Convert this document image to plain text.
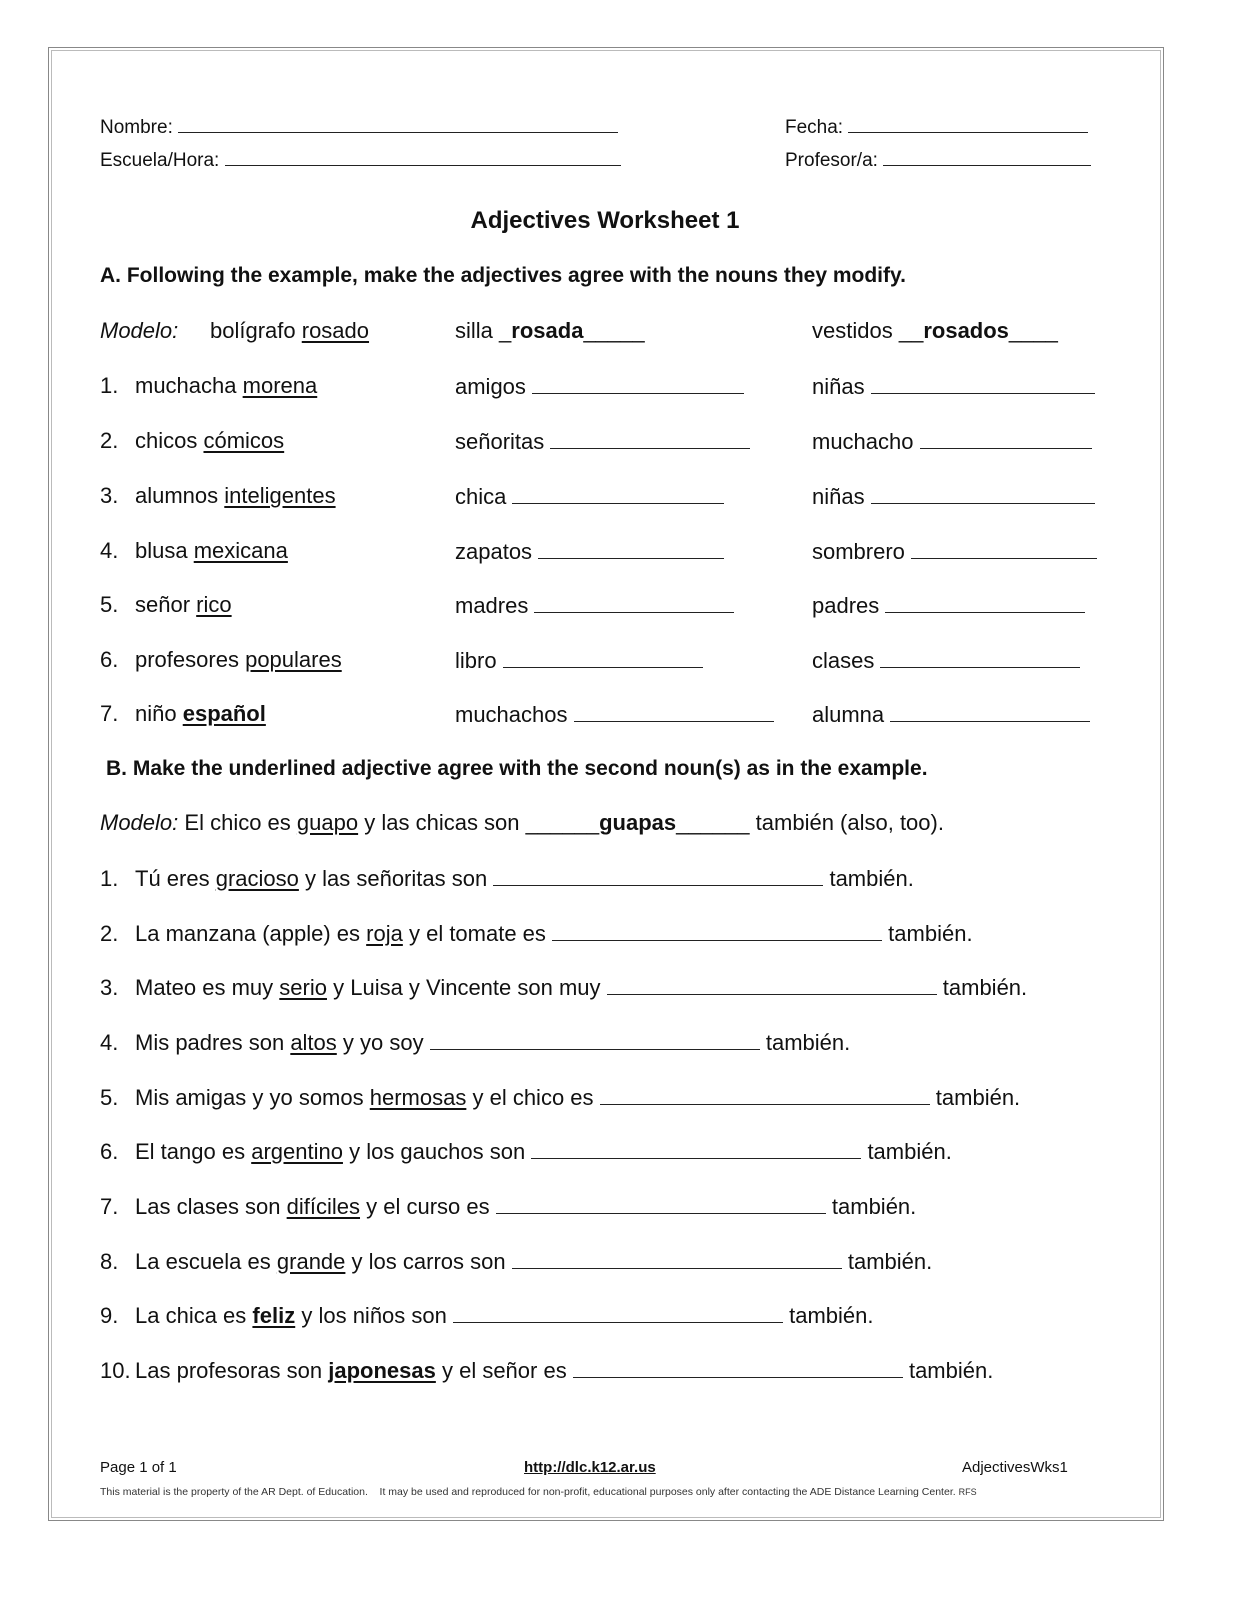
Nombre:	Fecha:
Escuela/Hora:	Profesor/a:
Adjectives Worksheet 1
A. Following the example, make the adjectives agree with the nouns they modify.
Modelo: bolígrafo rosado	silla _rosada_____	vestidos __rosados____
1. muchacha morena	amigos	niñas
2. chicos cómicos	señoritas	muchacho
3. alumnos inteligentes	chica	niñas
4. blusa mexicana	zapatos	sombrero
5. señor rico	madres	padres
6. profesores populares	libro	clases
7. niño español	muchachos	alumna
B. Make the underlined adjective agree with the second noun(s) as in the example.
Modelo: El chico es guapo y las chicas son ______guapas______ también (also, too).
1. Tú eres gracioso y las señoritas son	también.
2. La manzana (apple) es roja y el tomate es	también.
3. Mateo es muy serio y Luisa y Vincente son muy	también.
4. Mis padres son altos y yo soy	también.
5. Mis amigas y yo somos hermosas y el chico es	también.
6. El tango es argentino y los gauchos son	también.
7. Las clases son difíciles y el curso es	también.
8. La escuela es grande y los carros son	también.
9. La chica es feliz y los niños son	también.
10. Las profesoras son japonesas y el señor es	también.
Page 1 of 1	http://dlc.k12.ar.us	AdjectivesWks1
This material is the property of the AR Dept. of Education.    It may be used and reproduced for non-profit, educational purposes only after contacting the ADE Distance Learning Center. RFS
